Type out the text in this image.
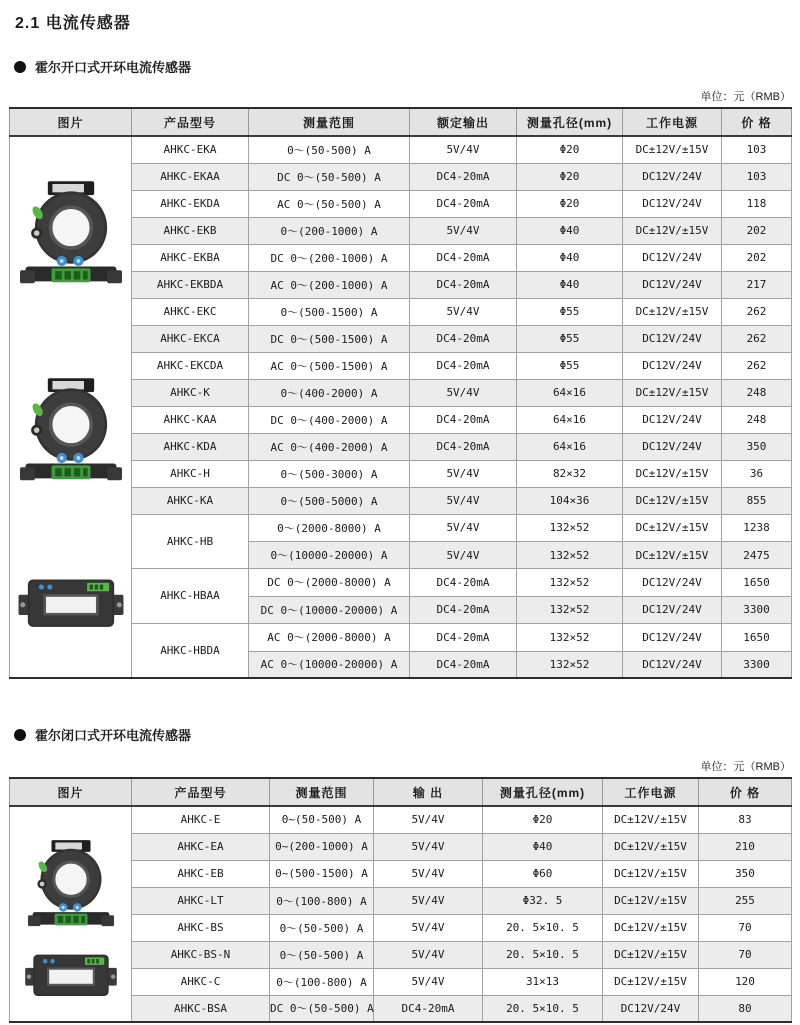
2.1 电流传感器
霍尔开口式开环电流传感器
单位：元（RMB）
图片	产品型号	测量范围	额定输出	测量孔径(mm)	工作电源	价 格

	AHKC-EKA	0～(50-500) A	5V/4V	Φ20	DC±12V/±15V	103
	AHKC-EKAA	DC 0～(50-500) A	DC4-20mA	Φ20	DC12V/24V	103
	AHKC-EKDA	AC 0～(50-500) A	DC4-20mA	Φ20	DC12V/24V	118
	AHKC-EKB	0～(200-1000) A	5V/4V	Φ40	DC±12V/±15V	202
	AHKC-EKBA	DC 0～(200-1000) A	DC4-20mA	Φ40	DC12V/24V	202
	AHKC-EKBDA	AC 0～(200-1000) A	DC4-20mA	Φ40	DC12V/24V	217
	AHKC-EKC	0～(500-1500) A	5V/4V	Φ55	DC±12V/±15V	262
	AHKC-EKCA	DC 0～(500-1500) A	DC4-20mA	Φ55	DC12V/24V	262
	AHKC-EKCDA	AC 0～(500-1500) A	DC4-20mA	Φ55	DC12V/24V	262
	AHKC-K	0～(400-2000) A	5V/4V	64×16	DC±12V/±15V	248
	AHKC-KAA	DC 0～(400-2000) A	DC4-20mA	64×16	DC12V/24V	248
	AHKC-KDA	AC 0～(400-2000) A	DC4-20mA	64×16	DC12V/24V	350
	AHKC-H	0～(500-3000) A	5V/4V	82×32	DC±12V/±15V	36
	AHKC-KA	0～(500-5000) A	5V/4V	104×36	DC±12V/±15V	855
	AHKC-HB	0～(2000-8000) A	5V/4V	132×52	DC±12V/±15V	1238
		0～(10000-20000) A	5V/4V	132×52	DC±12V/±15V	2475
	AHKC-HBAA	DC 0～(2000-8000) A	DC4-20mA	132×52	DC12V/24V	1650
		DC 0～(10000-20000) A	DC4-20mA	132×52	DC12V/24V	3300
	AHKC-HBDA	AC 0～(2000-8000) A	DC4-20mA	132×52	DC12V/24V	1650
		AC 0～(10000-20000) A	DC4-20mA	132×52	DC12V/24V	3300
霍尔闭口式开环电流传感器
单位：元（RMB）
图片	产品型号	测量范围	输 出	测量孔径(mm)	工作电源	价 格

	AHKC-E	0~(50-500) A	5V/4V	Φ20	DC±12V/±15V	83
	AHKC-EA	0~(200-1000) A	5V/4V	Φ40	DC±12V/±15V	210
	AHKC-EB	0~(500-1500) A	5V/4V	Φ60	DC±12V/±15V	350
	AHKC-LT	0～(100-800) A	5V/4V	Φ32. 5	DC±12V/±15V	255
	AHKC-BS	0～(50-500) A	5V/4V	20. 5×10. 5	DC±12V/±15V	70
	AHKC-BS-N	0～(50-500) A	5V/4V	20. 5×10. 5	DC±12V/±15V	70
	AHKC-C	0～(100-800) A	5V/4V	31×13	DC±12V/±15V	120
	AHKC-BSA	DC 0～(50-500) A	DC4-20mA	20. 5×10. 5	DC12V/24V	80
